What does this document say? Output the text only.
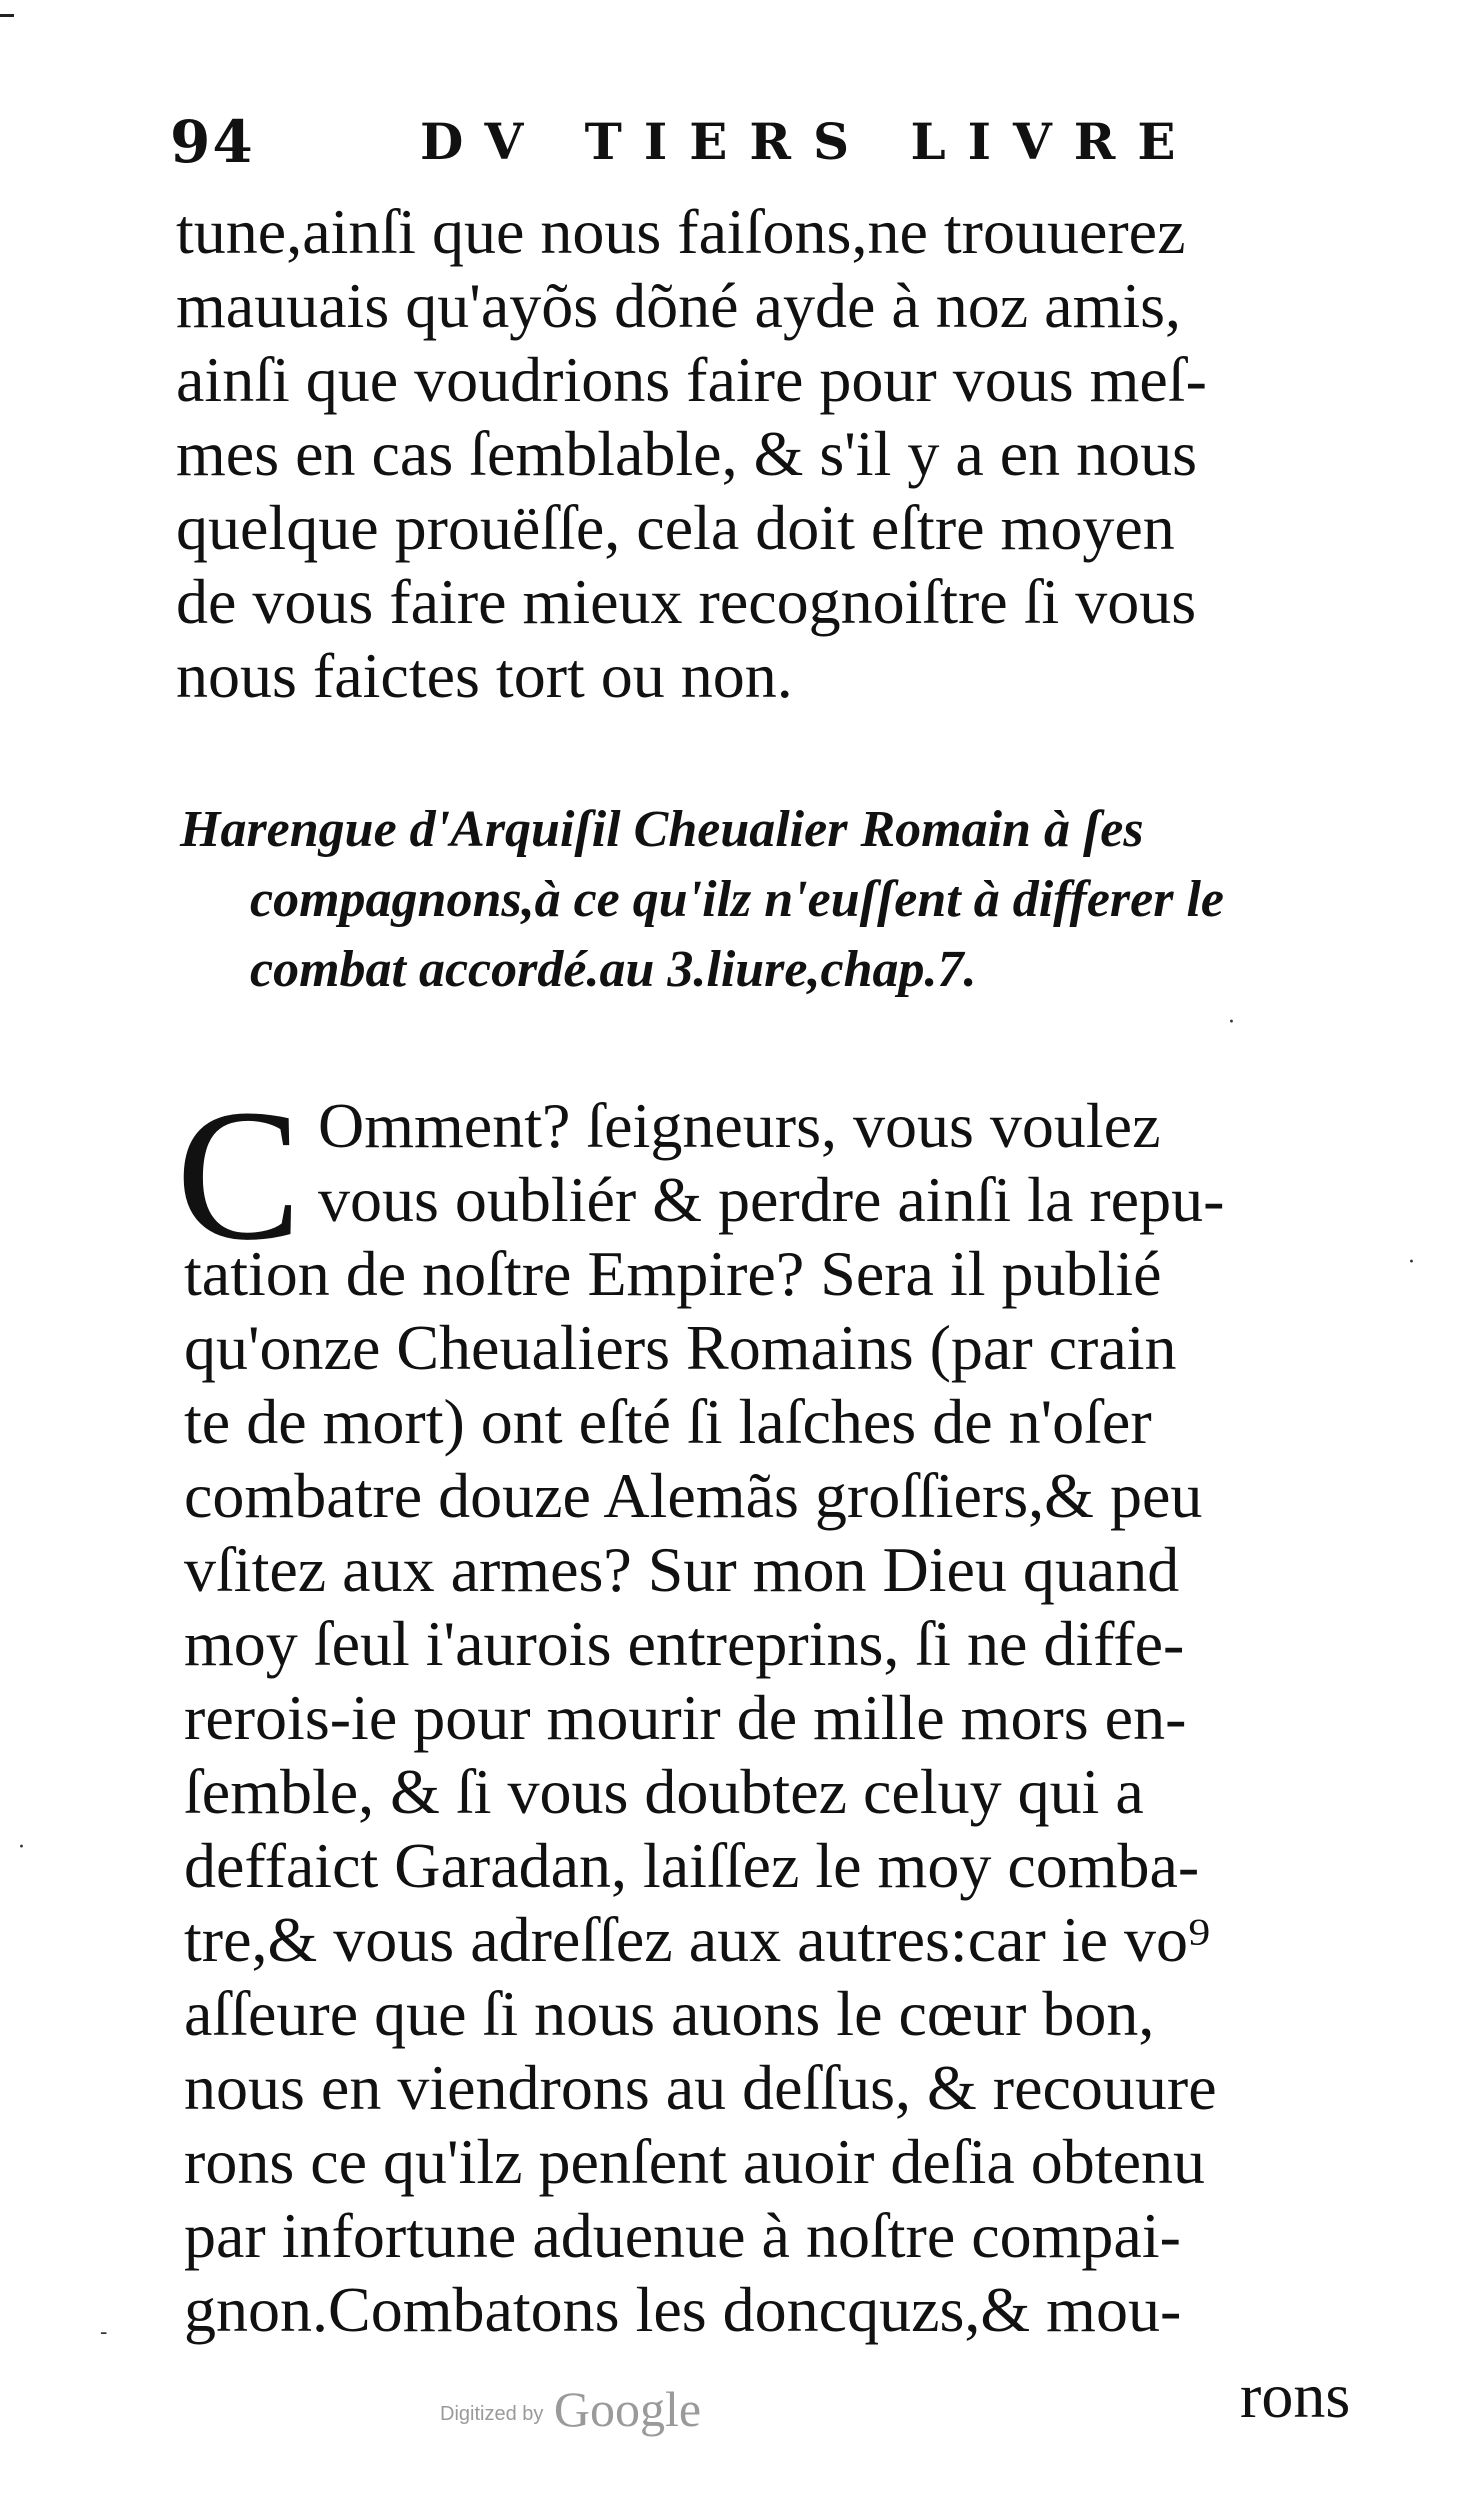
94	DV TIERS LIVRE
tune,ainſi que nous faiſons,ne trouuerez
mauuais qu'ayõs dõné ayde à noz amis,
ainſi que voudrions faire pour vous meſ-
mes en cas ſemblable, & s'il y a en nous
quelque prouëſſe, cela doit eſtre moyen
de vous faire mieux recognoiſtre ſi vous
nous faictes tort ou non.
Harengue d'Arquiſil Cheualier Romain à ſes
compagnons,à ce qu'ilz n'euſſent à differer le
combat accordé.au 3.liure,chap.7.
C Omment? ſeigneurs, vous voulez
vous oubliér & perdre ainſi la repu-
tation de noſtre Empire? Sera il publié
qu'onze Cheualiers Romains (par crain
te de mort) ont eſté ſi laſches de n'oſer
combatre douze Alemãs groſſiers,& peu
vſitez aux armes? Sur mon Dieu quand
moy ſeul i'aurois entreprins, ſi ne diffe-
rerois-ie pour mourir de mille mors en-
ſemble, & ſi vous doubtez celuy qui a
deffaict Garadan, laiſſez le moy comba-
tre,& vous adreſſez aux autres:car ie vo⁹
aſſeure que ſi nous auons le cœur bon,
nous en viendrons au deſſus, & recouure
rons ce qu'ilz penſent auoir deſia obtenu
par infortune aduenue à noſtre compai-
gnon.Combatons les doncquzs,& mou-
Digitized by Google	rons
·
·
·
-
